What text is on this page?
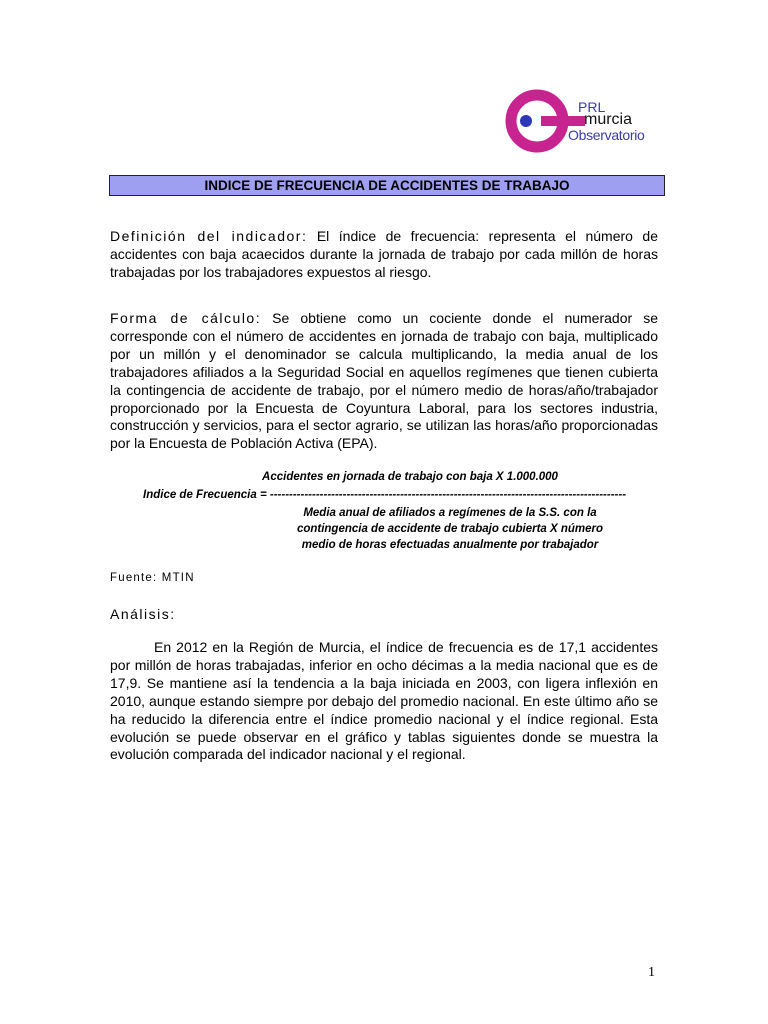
PRL
murcia
Observatorio
INDICE DE FRECUENCIA DE ACCIDENTES DE TRABAJO
Definición del indicador: El índice de frecuencia: representa el número de accidentes con baja acaecidos durante la jornada de trabajo por cada millón de horas trabajadas por los trabajadores expuestos al riesgo.
Forma de cálculo: Se obtiene como un cociente donde el numerador se corresponde con el número de accidentes en jornada de trabajo con baja, multiplicado por un millón y el denominador se calcula multiplicando, la media anual de los trabajadores afiliados a la Seguridad Social en aquellos regímenes que tienen cubierta la contingencia de accidente de trabajo, por el número medio de horas/año/trabajador proporcionado por la Encuesta de Coyuntura Laboral, para los sectores industria, construcción y servicios, para el sector agrario, se utilizan las horas/año proporcionadas por la Encuesta de Población Activa (EPA).
Accidentes en jornada de trabajo con baja X 1.000.000
Índice de Frecuencia = ---------------------------------------------------------------------------------------------
Media anual de afiliados a regímenes de la S.S. con la contingencia de accidente de trabajo cubierta X número medio de horas efectuadas anualmente por trabajador
Fuente: MTIN
Análisis:
En 2012 en la Región de Murcia, el índice de frecuencia es de 17,1 accidentes por millón de horas trabajadas, inferior en ocho décimas a la media nacional que es de 17,9. Se mantiene así la tendencia a la baja iniciada en 2003, con ligera inflexión en 2010, aunque estando siempre por debajo del promedio nacional. En este último año se ha reducido la diferencia entre el índice promedio nacional y el índice regional. Esta evolución se puede observar en el gráfico y tablas siguientes donde se muestra la evolución comparada del indicador nacional y el regional.
1
